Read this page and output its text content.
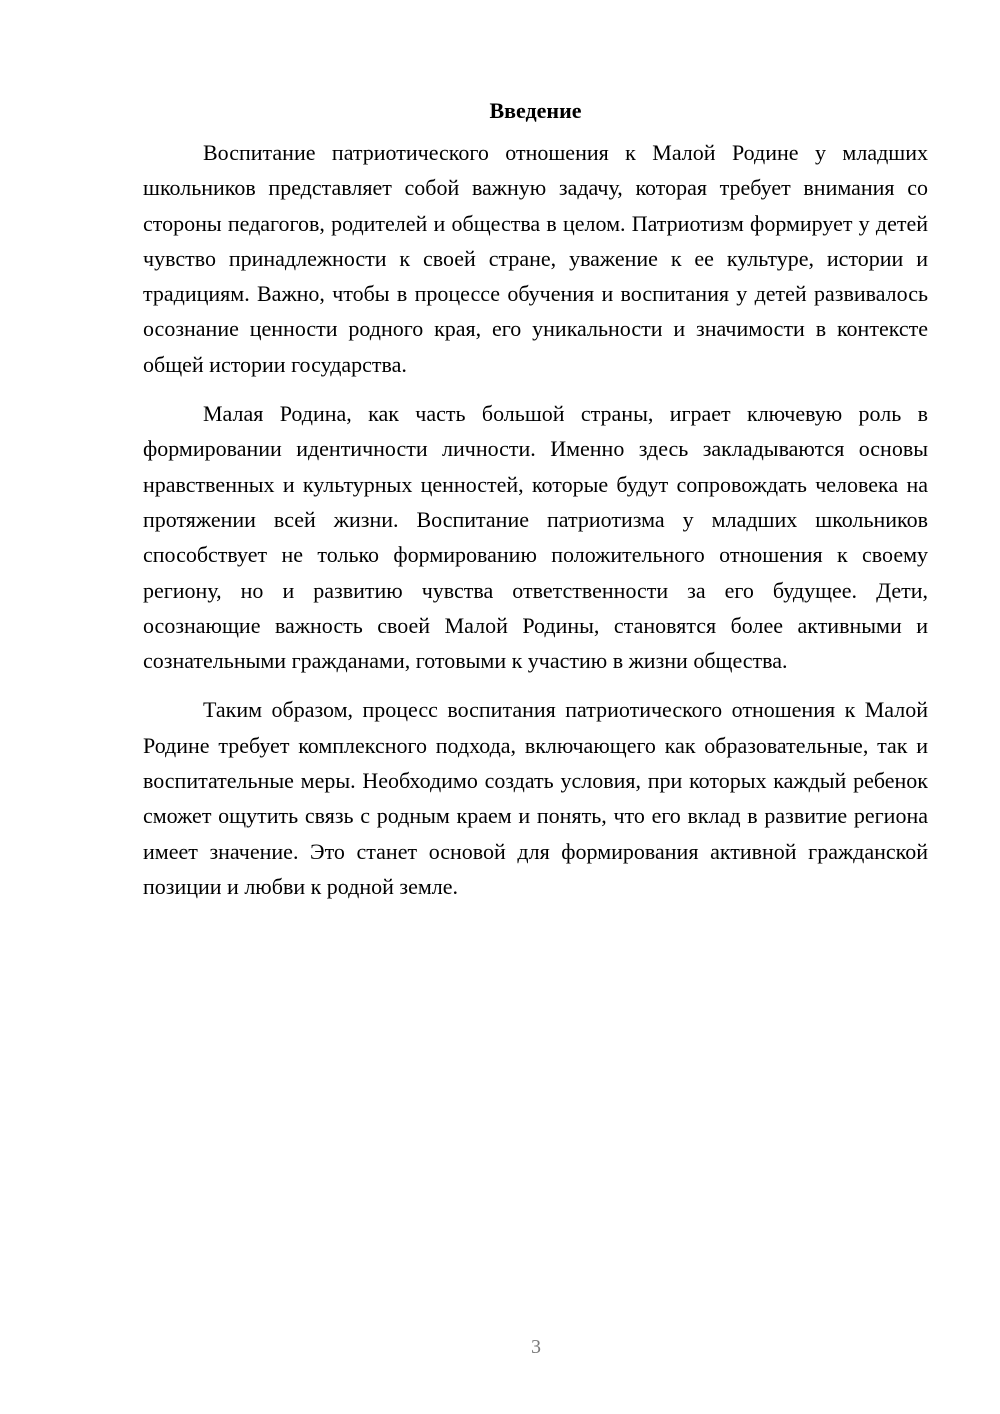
Введение

Воспитание патриотического отношения к Малой Родине у младших школьников представляет собой важную задачу, которая требует внимания со стороны педагогов, родителей и общества в целом. Патриотизм формирует у детей чувство принадлежности к своей стране, уважение к ее культуре, истории и традициям. Важно, чтобы в процессе обучения и воспитания у детей развивалось осознание ценности родного края, его уникальности и значимости в контексте общей истории государства.

Малая Родина, как часть большой страны, играет ключевую роль в формировании идентичности личности. Именно здесь закладываются основы нравственных и культурных ценностей, которые будут сопровождать человека на протяжении всей жизни. Воспитание патриотизма у младших школьников способствует не только формированию положительного отношения к своему региону, но и развитию чувства ответственности за его будущее. Дети, осознающие важность своей Малой Родины, становятся более активными и сознательными гражданами, готовыми к участию в жизни общества.

Таким образом, процесс воспитания патриотического отношения к Малой Родине требует комплексного подхода, включающего как образовательные, так и воспитательные меры. Необходимо создать условия, при которых каждый ребенок сможет ощутить связь с родным краем и понять, что его вклад в развитие региона имеет значение. Это станет основой для формирования активной гражданской позиции и любви к родной земле.

3
